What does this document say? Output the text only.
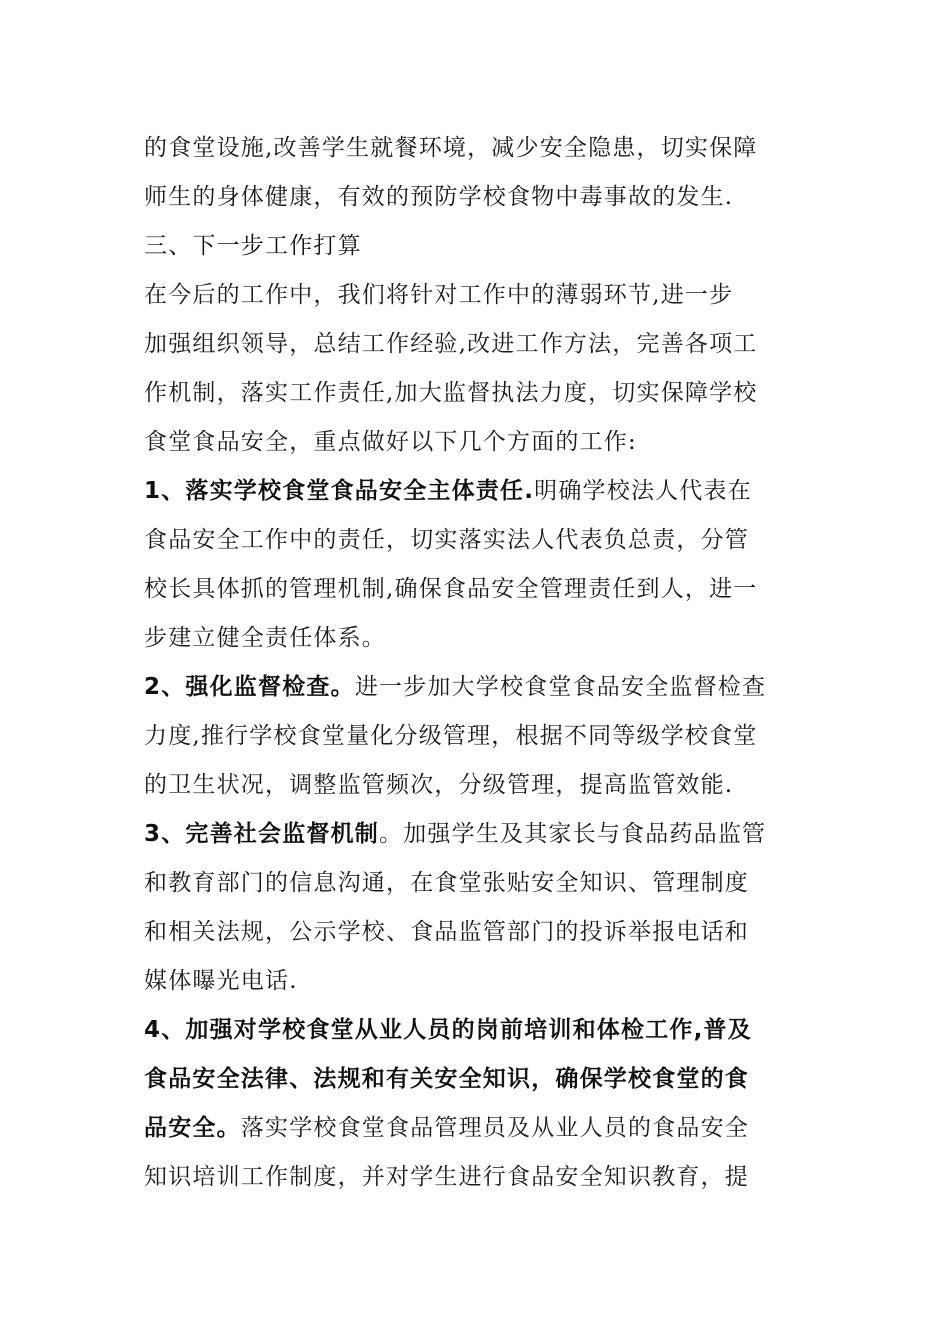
的食堂设施,改善学生就餐环境，减少安全隐患，切实保障
师生的身体健康，有效的预防学校食物中毒事故的发生.
三、下一步工作打算
在今后的工作中，我们将针对工作中的薄弱环节,进一步
加强组织领导，总结工作经验,改进工作方法，完善各项工
作机制，落实工作责任,加大监督执法力度，切实保障学校
食堂食品安全，重点做好以下几个方面的工作:
1、落实学校食堂食品安全主体责任.明确学校法人代表在
食品安全工作中的责任，切实落实法人代表负总责，分管
校长具体抓的管理机制,确保食品安全管理责任到人，进一
步建立健全责任体系。
2、强化监督检查。进一步加大学校食堂食品安全监督检查
力度,推行学校食堂量化分级管理，根据不同等级学校食堂
的卫生状况，调整监管频次，分级管理，提高监管效能.
3、完善社会监督机制。加强学生及其家长与食品药品监管
和教育部门的信息沟通，在食堂张贴安全知识、管理制度
和相关法规，公示学校、食品监管部门的投诉举报电话和
媒体曝光电话.
4、加强对学校食堂从业人员的岗前培训和体检工作,普及
食品安全法律、法规和有关安全知识，确保学校食堂的食
品安全。落实学校食堂食品管理员及从业人员的食品安全
知识培训工作制度，并对学生进行食品安全知识教育，提
